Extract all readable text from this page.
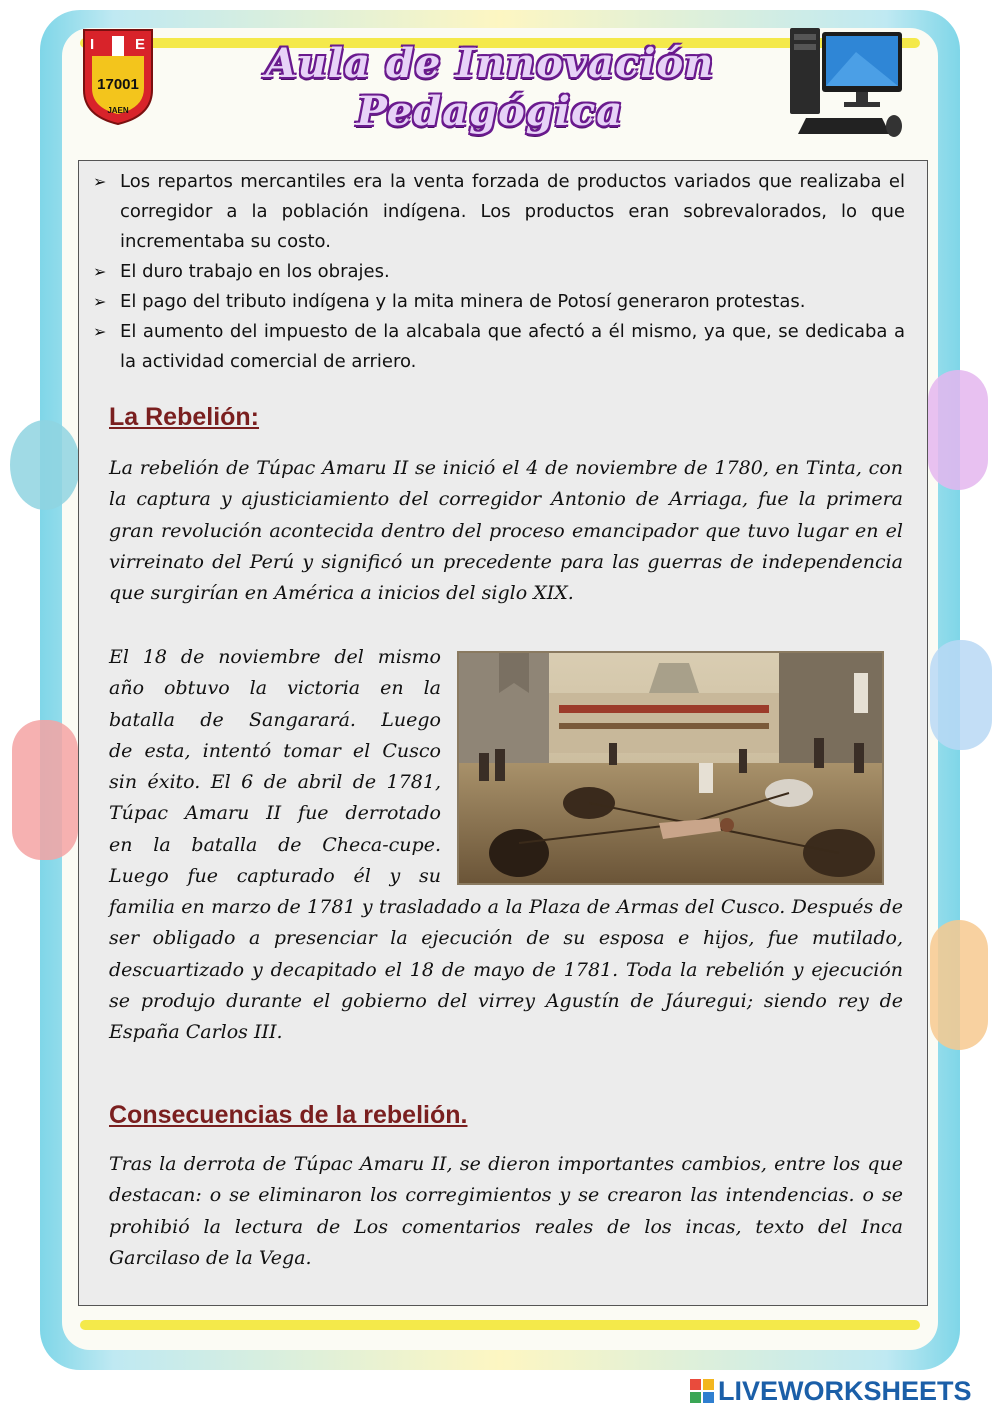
I	E
17001
JAEN
Aula de Innovación
Pedagógica
➢ Los repartos mercantiles era la venta forzada de productos variados que realizaba el corregidor a la población indígena. Los productos eran sobrevalorados, lo que incrementaba su costo.
➢ El duro trabajo en los obrajes.
➢ El pago del tributo indígena y la mita minera de Potosí generaron protestas.
➢ El aumento del impuesto de la alcabala que afectó a él mismo, ya que, se dedicaba a la actividad comercial de arriero.
La Rebelión:

La rebelión de Túpac Amaru II se inició el 4 de noviembre de 1780, en Tinta, con la captura y ajusticiamiento del corregidor Antonio de Arriaga, fue la primera gran revolución acontecida dentro del proceso emancipador que tuvo lugar en el virreinato del Perú y significó un precedente para las guerras de independencia que surgirían en América a inicios del siglo XIX.

El 18 de noviembre del mismo
año obtuvo la victoria en la
batalla de Sangarará. Luego
de esta, intentó tomar el Cusco
sin éxito. El 6 de abril de 1781,
Túpac Amaru II fue derrotado
en la batalla de Checa-cupe.
Luego fue capturado él y su

familia en marzo de 1781 y trasladado a la Plaza de Armas del Cusco. Después de ser obligado a presenciar la ejecución de su esposa e hijos, fue mutilado, descuartizado y decapitado el 18 de mayo de 1781. Toda la rebelión y ejecución se produjo durante el gobierno del virrey Agustín de Jáuregui; siendo rey de España Carlos III.

Consecuencias de la rebelión.

Tras la derrota de Túpac Amaru II, se dieron importantes cambios, entre los que destacan: o se eliminaron los corregimientos y se crearon las intendencias. o se prohibió la lectura de Los comentarios reales de los incas, texto del Inca Garcilaso de la Vega.

LIVEWORKSHEETS
